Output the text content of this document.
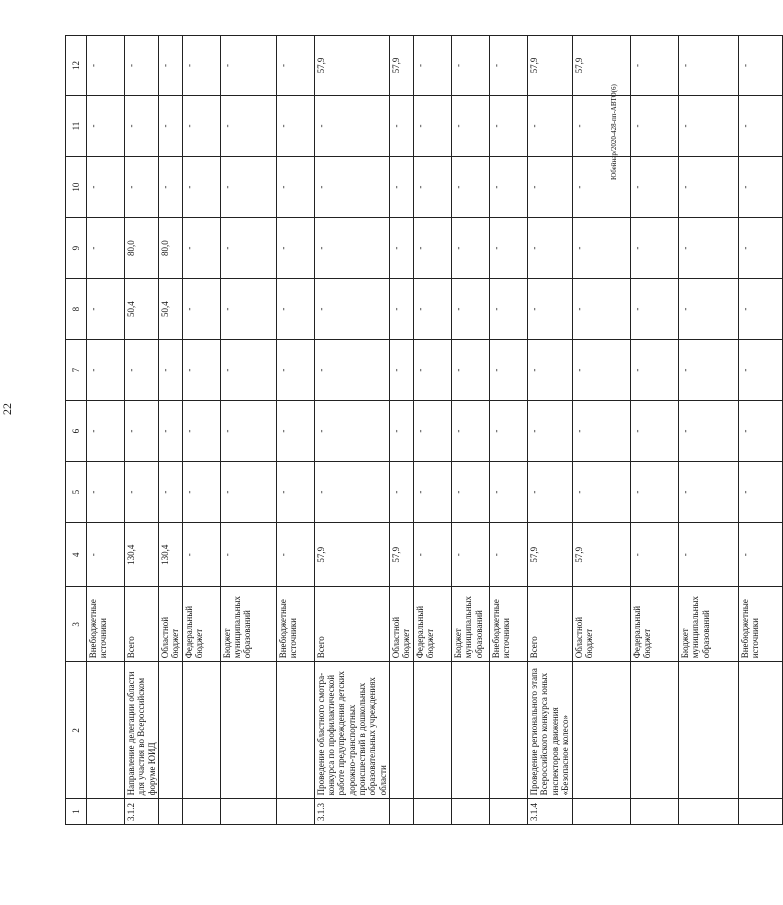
22
Юбейнар/2020-428-пп-АВТО(6)
1	2	3	4	5	6	7	8	9	10	11	12
		Внебюджетные источники	-	-	-	-	-	-	-	-	-
3.1.2	Направление делегации области для участия во Всероссийском форуме ЮИД	Всего	130,4	-	-	-	50,4	80,0	-	-	-
		Областной бюджет	130,4	-	-	-	50,4	80,0	-	-	-
		Федеральный бюджет	-	-	-	-	-	-	-	-	-
		Бюджет муниципальных образований	-	-	-	-	-	-	-	-	-
		Внебюджетные источники	-	-	-	-	-	-	-	-	-
3.1.3	Проведение областного смотра-конкурса по профилактической работе предупреждения детских дорожно-транспортных происшествий в дошкольных образовательных учреждениях области	Всего	57,9	-	-	-	-	-	-	-	57,9
		Областной бюджет	57,9	-	-	-	-	-	-	-	57,9
		Федеральный бюджет	-	-	-	-	-	-	-	-	-
		Бюджет муниципальных образований	-	-	-	-	-	-	-	-	-
		Внебюджетные источники	-	-	-	-	-	-	-	-	-
3.1.4	Проведение регионального этапа Всероссийского конкурса юных инспекторов движения «Безопасное колесо»	Всего	57,9	-	-	-	-	-	-	-	57,9
		Областной бюджет	57,9	-	-	-	-	-	-	-	57,9
		Федеральный бюджет	-	-	-	-	-	-	-	-	-
		Бюджет муниципальных образований	-	-	-	-	-	-	-	-	-
		Внебюджетные источники	-	-	-	-	-	-	-	-	-
